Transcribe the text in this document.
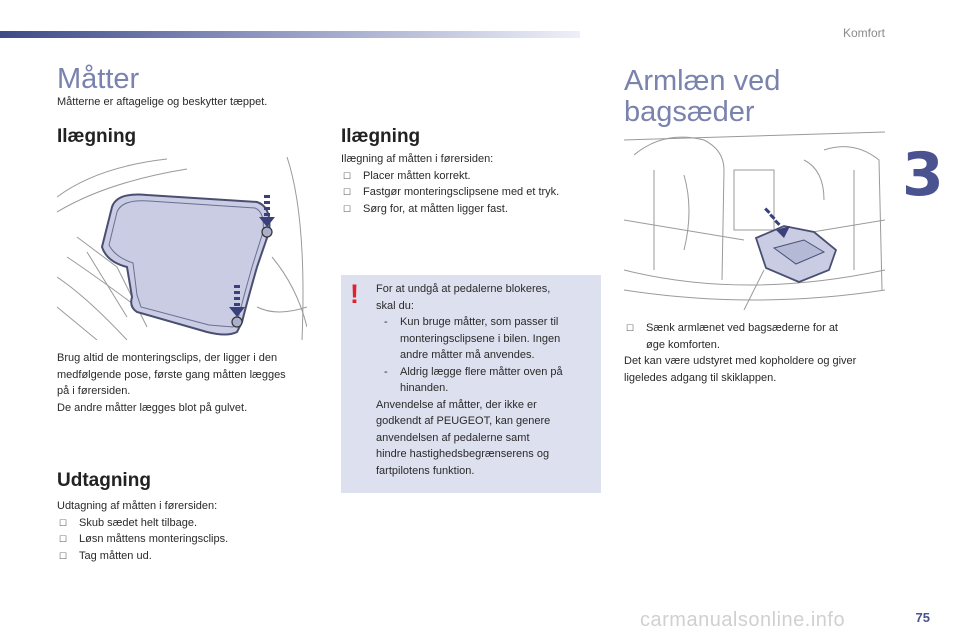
Komfort
3
Måtter
Måtterne er aftagelige og beskytter tæppet.
Ilægning
Brug altid de monteringsclips, der ligger i den
medfølgende pose, første gang måtten lægges
på i førersiden.
De andre måtter lægges blot på gulvet.
Udtagning
Udtagning af måtten i førersiden:
☐ Skub sædet helt tilbage.
☐ Løsn måttens monteringsclips.
☐ Tag måtten ud.
Ilægning
Ilægning af måtten i førersiden:
☐ Placer måtten korrekt.
☐ Fastgør monteringsclipsene med et tryk.
☐ Sørg for, at måtten ligger fast.
! For at undgå at pedalerne blokeres,
skal du:
- Kun bruge måtter, som passer til
monteringsclipsene i bilen. Ingen
andre måtter må anvendes.
- Aldrig lægge flere måtter oven på
hinanden.
Anvendelse af måtter, der ikke er
godkendt af PEUGEOT, kan genere
anvendelsen af pedalerne samt
hindre hastighedsbegrænserens og
fartpilotens funktion.
Armlæn ved
bagsæder
☐ Sænk armlænet ved bagsæderne for at
øge komforten.
Det kan være udstyret med kopholdere og giver
ligeledes adgang til skiklappen.
carmanualsonline.info	75
